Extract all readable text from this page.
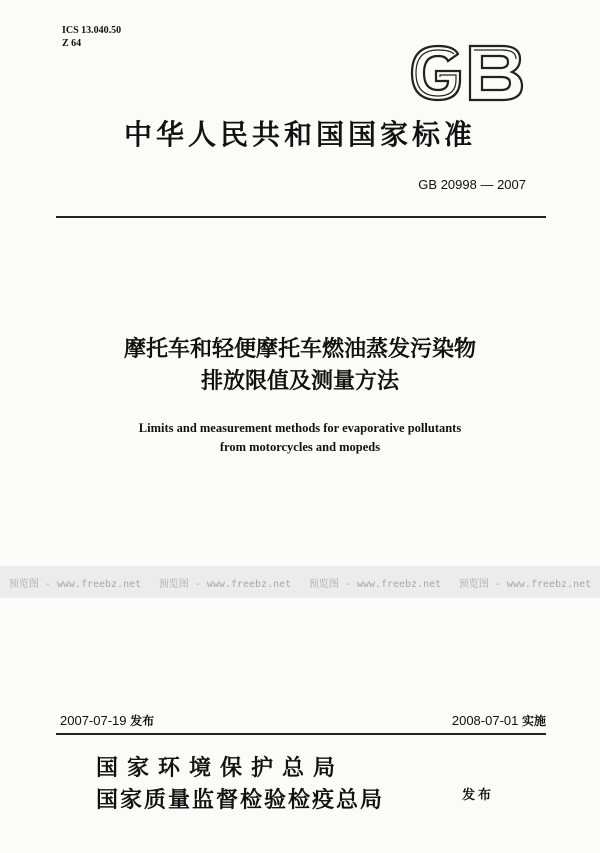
ICS 13.040.50
Z 64
中华人民共和国国家标准
GB 20998 — 2007
摩托车和轻便摩托车燃油蒸发污染物
排放限值及测量方法
Limits and measurement methods for evaporative pollutants
from motorcycles and mopeds
预览图 - www.freebz.net 预览图 - www.freebz.net 预览图 - www.freebz.net 预览图 - www.freebz.net
2007-07-19 发布	2008-07-01 实施
国家环境保护总局
国家质量监督检验检疫总局	发布
